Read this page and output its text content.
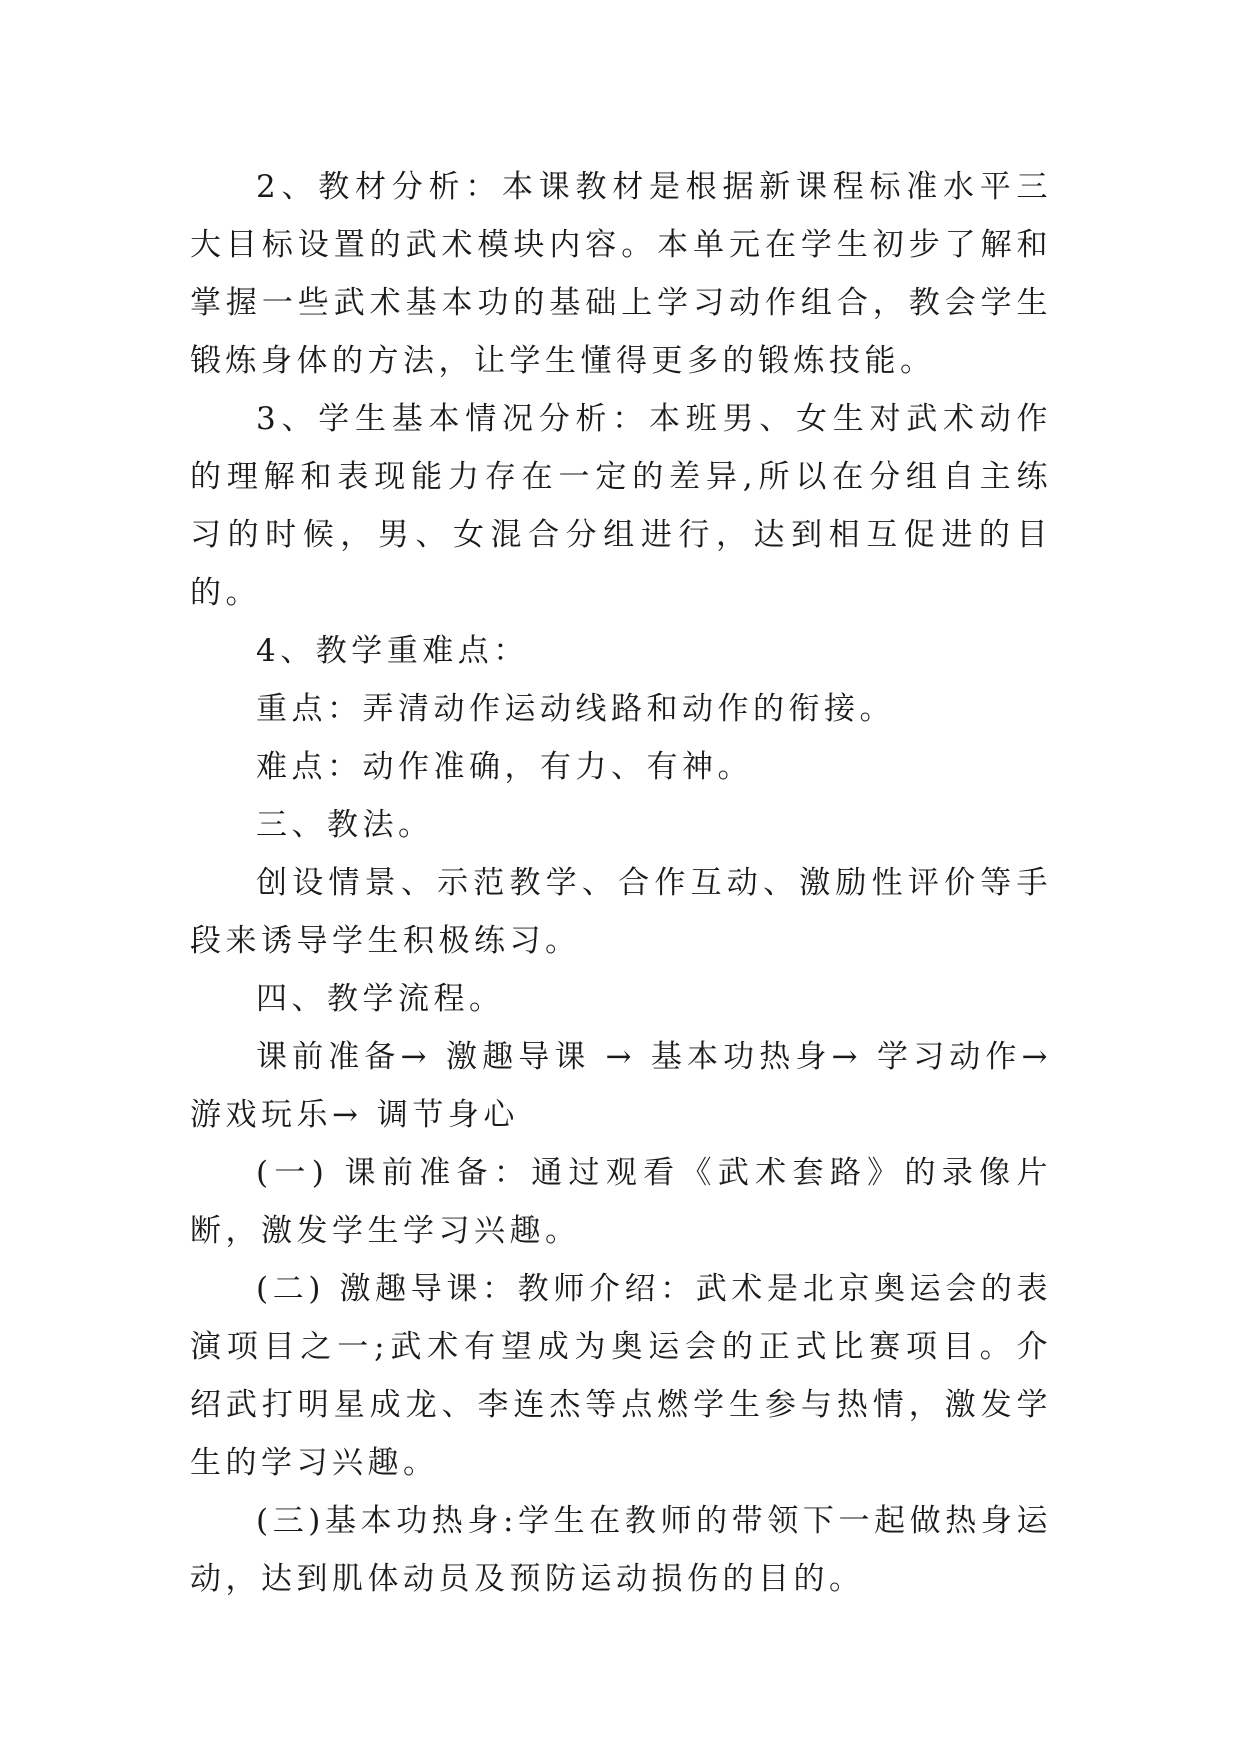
2、教材分析：本课教材是根据新课程标准水平三大目标设置的武术模块内容。本单元在学生初步了解和掌握一些武术基本功的基础上学习动作组合，教会学生锻炼身体的方法，让学生懂得更多的锻炼技能。

3、学生基本情况分析：本班男、女生对武术动作的理解和表现能力存在一定的差异,所以在分组自主练习的时候，男、女混合分组进行，达到相互促进的目的。

4、教学重难点：

重点：弄清动作运动线路和动作的衔接。

难点：动作准确，有力、有神。

三、教法。

创设情景、示范教学、合作互动、激励性评价等手段来诱导学生积极练习。

四、教学流程。

课前准备→ 激趣导课 → 基本功热身→ 学习动作→ 游戏玩乐→ 调节身心

(一) 课前准备：通过观看《武术套路》的录像片断，激发学生学习兴趣。

(二) 激趣导课：教师介绍：武术是北京奥运会的表演项目之一;武术有望成为奥运会的正式比赛项目。介绍武打明星成龙、李连杰等点燃学生参与热情，激发学生的学习兴趣。

(三)基本功热身:学生在教师的带领下一起做热身运动，达到肌体动员及预防运动损伤的目的。
